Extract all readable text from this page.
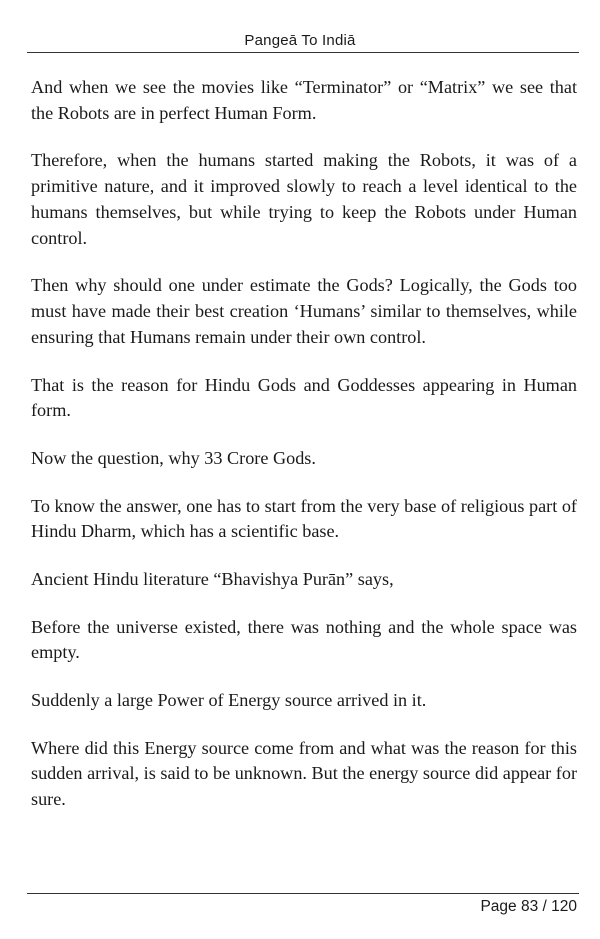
Pangeā To Indiā

And when we see the movies like “Terminator” or “Matrix” we see that the Robots are in perfect Human Form.

Therefore, when the humans started making the Robots, it was of a primitive nature, and it improved slowly to reach a level identical to the humans themselves, but while trying to keep the Robots under Human control.

Then why should one under estimate the Gods? Logically, the Gods too must have made their best creation ‘Humans’ similar to themselves, while ensuring that Humans remain under their own control.

That is the reason for Hindu Gods and Goddesses appearing in Human form.

Now the question, why 33 Crore Gods.

To know the answer, one has to start from the very base of religious part of Hindu Dharm, which has a scientific base.

Ancient Hindu literature “Bhavishya Purān” says,

Before the universe existed, there was nothing and the whole space was empty.

Suddenly a large Power of Energy source arrived in it.

Where did this Energy source come from and what was the reason for this sudden arrival, is said to be unknown. But the energy source did appear for sure.

Page 83 / 120
